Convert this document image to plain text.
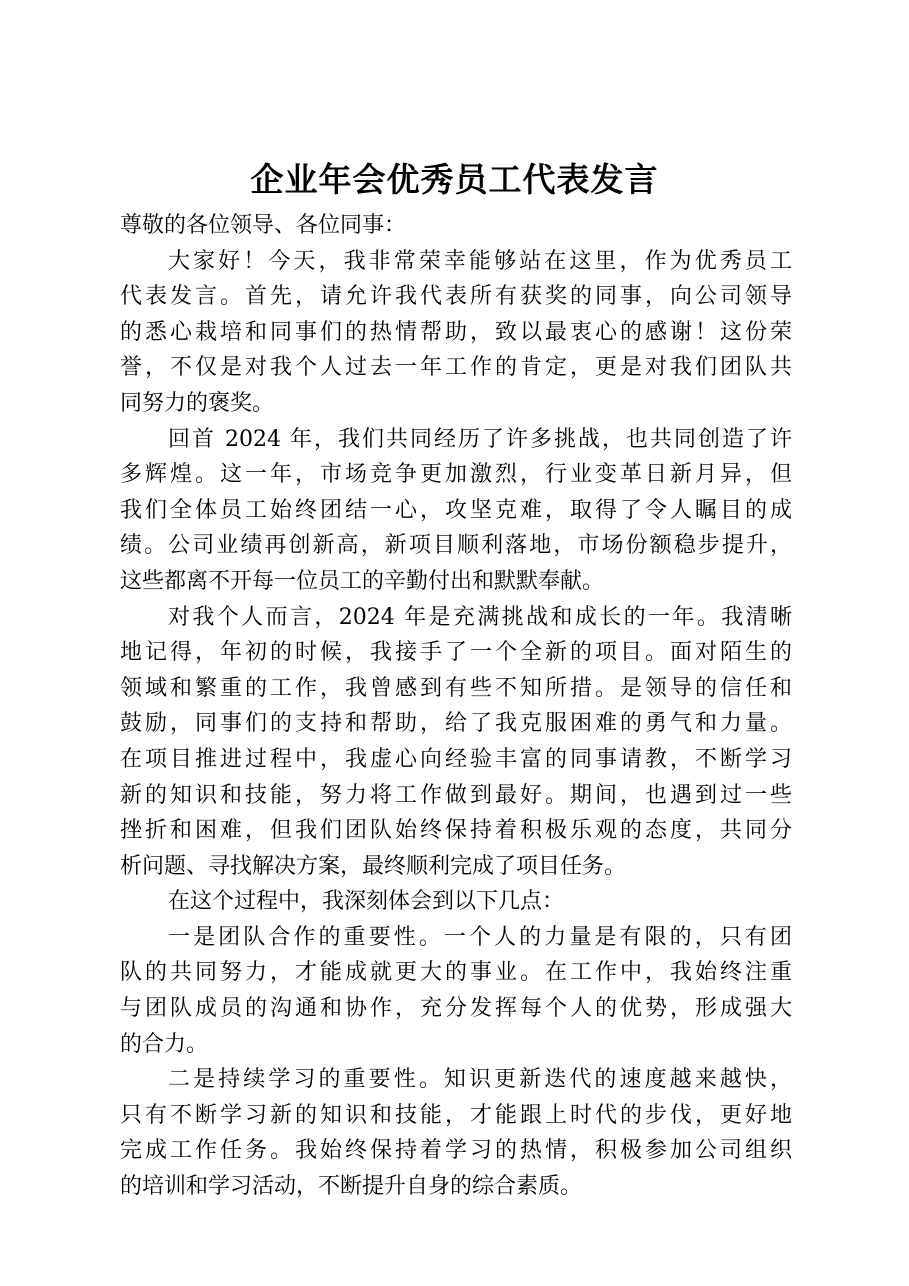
企业年会优秀员工代表发言
尊敬的各位领导、各位同事：
大家好！今天，我非常荣幸能够站在这里，作为优秀员工
代表发言。首先，请允许我代表所有获奖的同事，向公司领导
的悉心栽培和同事们的热情帮助，致以最衷心的感谢！这份荣
誉，不仅是对我个人过去一年工作的肯定，更是对我们团队共
同努力的褒奖。
回首 2024 年，我们共同经历了许多挑战，也共同创造了许
多辉煌。这一年，市场竞争更加激烈，行业变革日新月异，但
我们全体员工始终团结一心，攻坚克难，取得了令人瞩目的成
绩。公司业绩再创新高，新项目顺利落地，市场份额稳步提升，
这些都离不开每一位员工的辛勤付出和默默奉献。
对我个人而言，2024 年是充满挑战和成长的一年。我清晰
地记得，年初的时候，我接手了一个全新的项目。面对陌生的
领域和繁重的工作，我曾感到有些不知所措。是领导的信任和
鼓励，同事们的支持和帮助，给了我克服困难的勇气和力量。
在项目推进过程中，我虚心向经验丰富的同事请教，不断学习
新的知识和技能，努力将工作做到最好。期间，也遇到过一些
挫折和困难，但我们团队始终保持着积极乐观的态度，共同分
析问题、寻找解决方案，最终顺利完成了项目任务。
在这个过程中，我深刻体会到以下几点：
一是团队合作的重要性。一个人的力量是有限的，只有团
队的共同努力，才能成就更大的事业。在工作中，我始终注重
与团队成员的沟通和协作，充分发挥每个人的优势，形成强大
的合力。
二是持续学习的重要性。知识更新迭代的速度越来越快，
只有不断学习新的知识和技能，才能跟上时代的步伐，更好地
完成工作任务。我始终保持着学习的热情，积极参加公司组织
的培训和学习活动，不断提升自身的综合素质。
